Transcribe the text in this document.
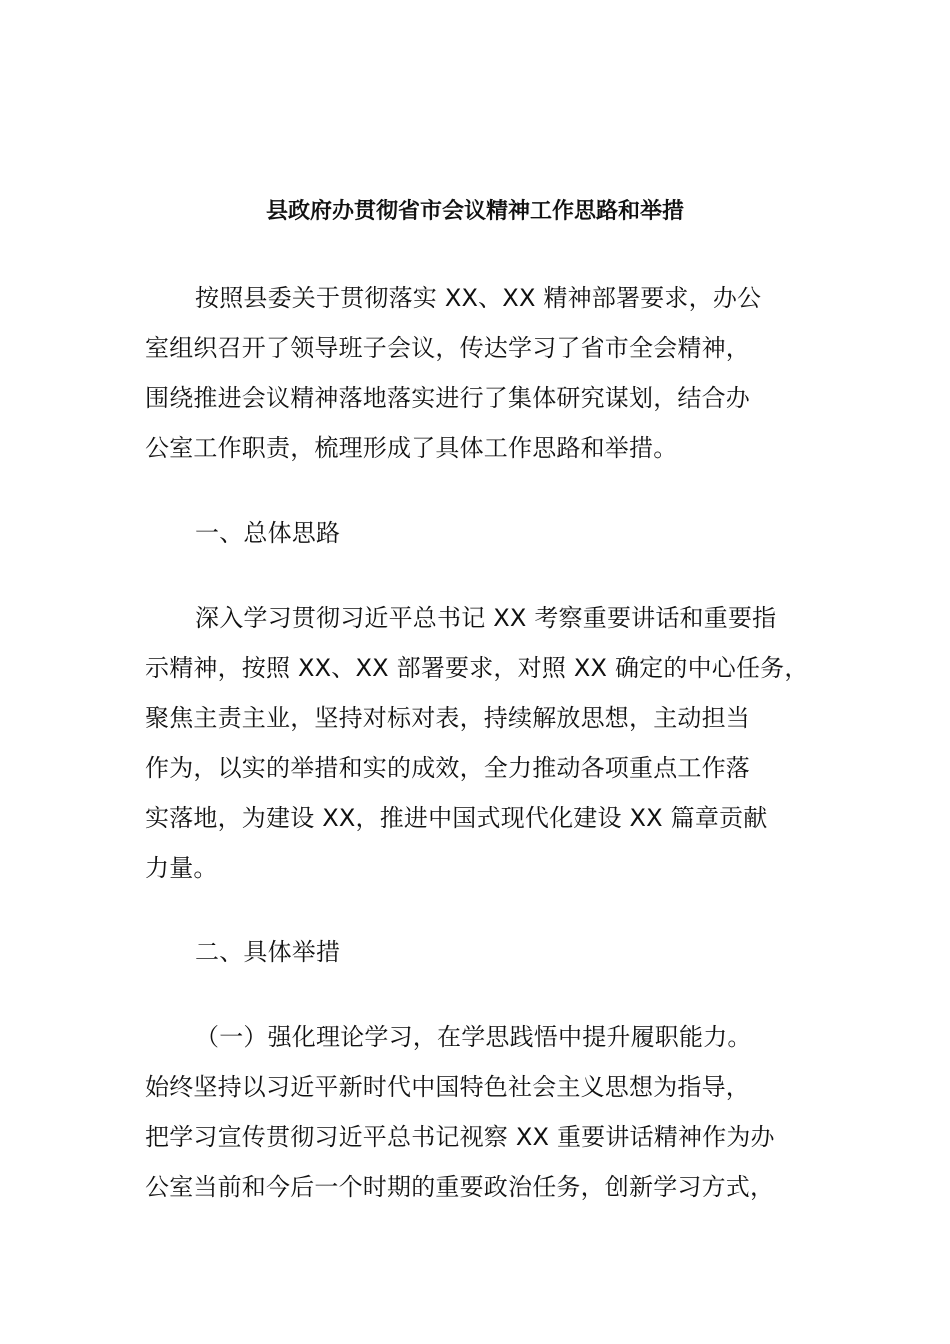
县政府办贯彻省市会议精神工作思路和举措
按照县委关于贯彻落实 XX、XX 精神部署要求，办公
室组织召开了领导班子会议，传达学习了省市全会精神，
围绕推进会议精神落地落实进行了集体研究谋划，结合办
公室工作职责，梳理形成了具体工作思路和举措。
一、总体思路
深入学习贯彻习近平总书记 XX 考察重要讲话和重要指
示精神，按照 XX、XX 部署要求，对照 XX 确定的中心任务，
聚焦主责主业，坚持对标对表，持续解放思想，主动担当
作为，以实的举措和实的成效，全力推动各项重点工作落
实落地，为建设 XX，推进中国式现代化建设 XX 篇章贡献
力量。
二、具体举措
（一）强化理论学习，在学思践悟中提升履职能力。
始终坚持以习近平新时代中国特色社会主义思想为指导，
把学习宣传贯彻习近平总书记视察 XX 重要讲话精神作为办
公室当前和今后一个时期的重要政治任务，创新学习方式，
